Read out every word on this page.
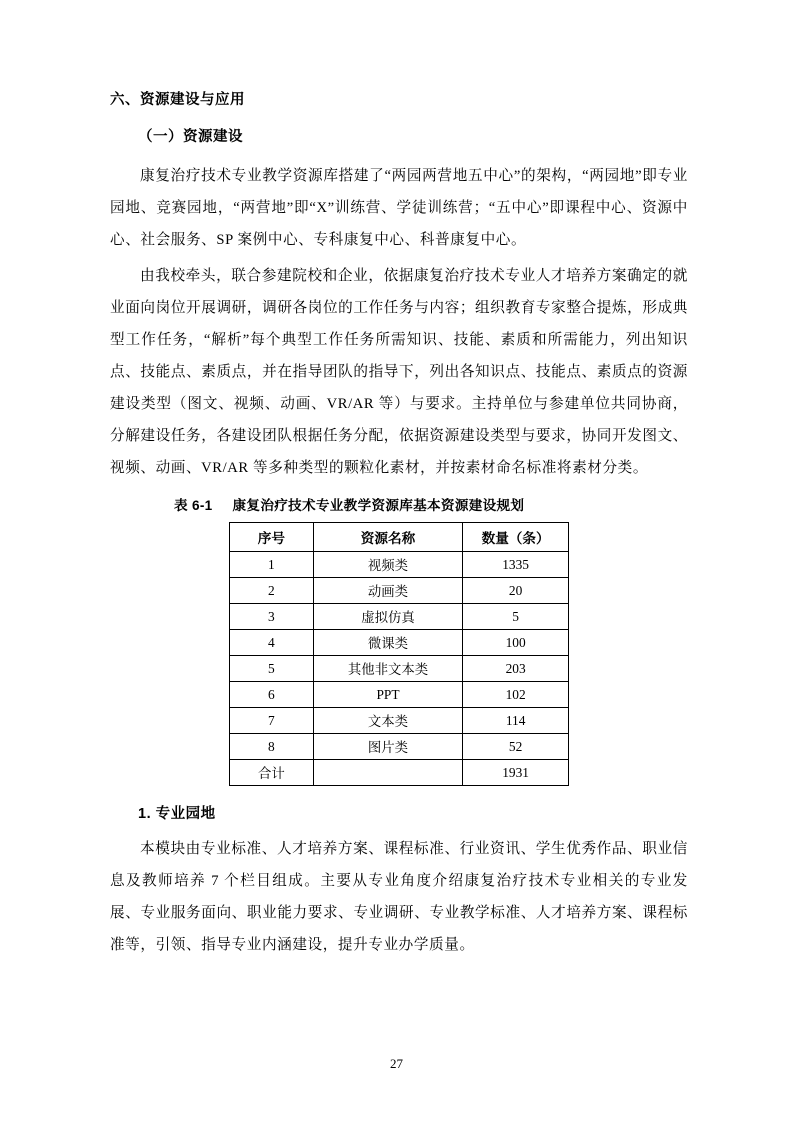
六、资源建设与应用
（一）资源建设

康复治疗技术专业教学资源库搭建了“两园两营地五中心”的架构，“两园地”即专业园地、竞赛园地，“两营地”即“X”训练营、学徒训练营；“五中心”即课程中心、资源中心、社会服务、SP 案例中心、专科康复中心、科普康复中心。

由我校牵头，联合参建院校和企业，依据康复治疗技术专业人才培养方案确定的就业面向岗位开展调研，调研各岗位的工作任务与内容；组织教育专家整合提炼，形成典型工作任务，“解析”每个典型工作任务所需知识、技能、素质和所需能力，列出知识点、技能点、素质点，并在指导团队的指导下，列出各知识点、技能点、素质点的资源建设类型（图文、视频、动画、VR/AR 等）与要求。主持单位与参建单位共同协商，分解建设任务，各建设团队根据任务分配，依据资源建设类型与要求，协同开发图文、视频、动画、VR/AR 等多种类型的颗粒化素材，并按素材命名标准将素材分类。

表 6-1 康复治疗技术专业教学资源库基本资源建设规划
序号	资源名称	数量（条）
1	视频类	1335
2	动画类	20
3	虚拟仿真	5
4	微课类	100
5	其他非文本类	203
6	PPT	102
7	文本类	114
8	图片类	52
合计		1931
1. 专业园地

本模块由专业标准、人才培养方案、课程标准、行业资讯、学生优秀作品、职业信息及教师培养 7 个栏目组成。主要从专业角度介绍康复治疗技术专业相关的专业发展、专业服务面向、职业能力要求、专业调研、专业教学标准、人才培养方案、课程标准等，引领、指导专业内涵建设，提升专业办学质量。

27
